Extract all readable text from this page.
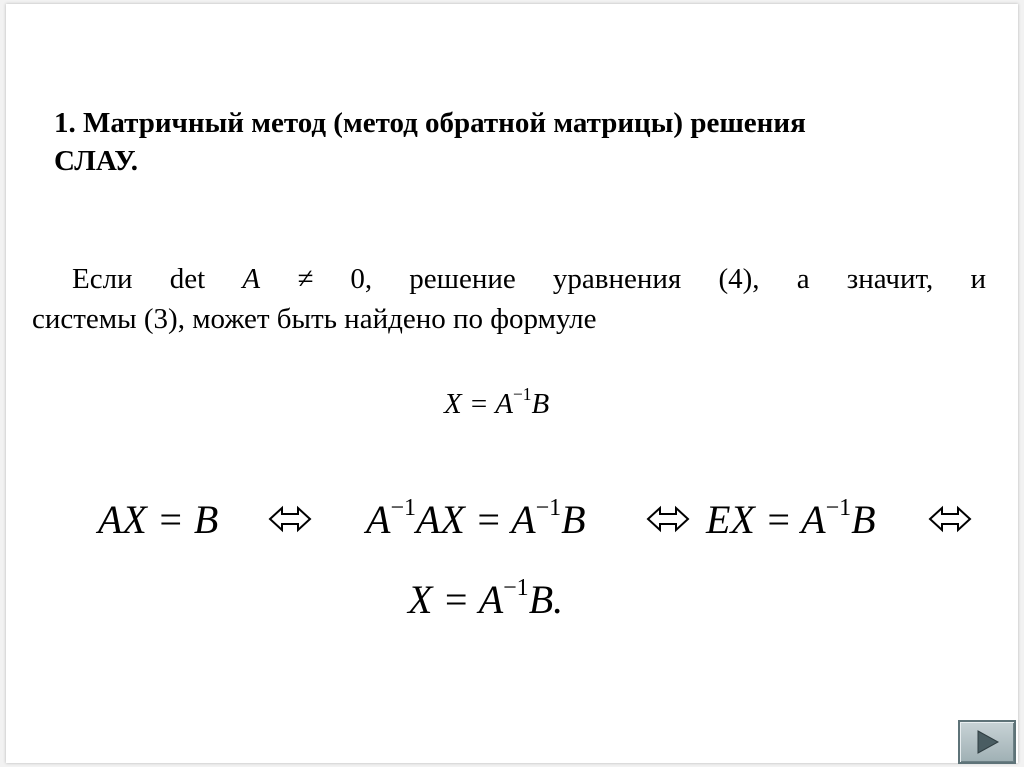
1. Матричный метод (метод обратной матрицы) решения
СЛАУ.
Если det A ≠ 0, решение уравнения (4), а значит, и
системы (3), может быть найдено по формуле
$X = A^{-1}B$
AX = B	$A^{-1}AX = A^{-1}B$	EX = $A^{-1}B$
$X = A^{-1}B$.
